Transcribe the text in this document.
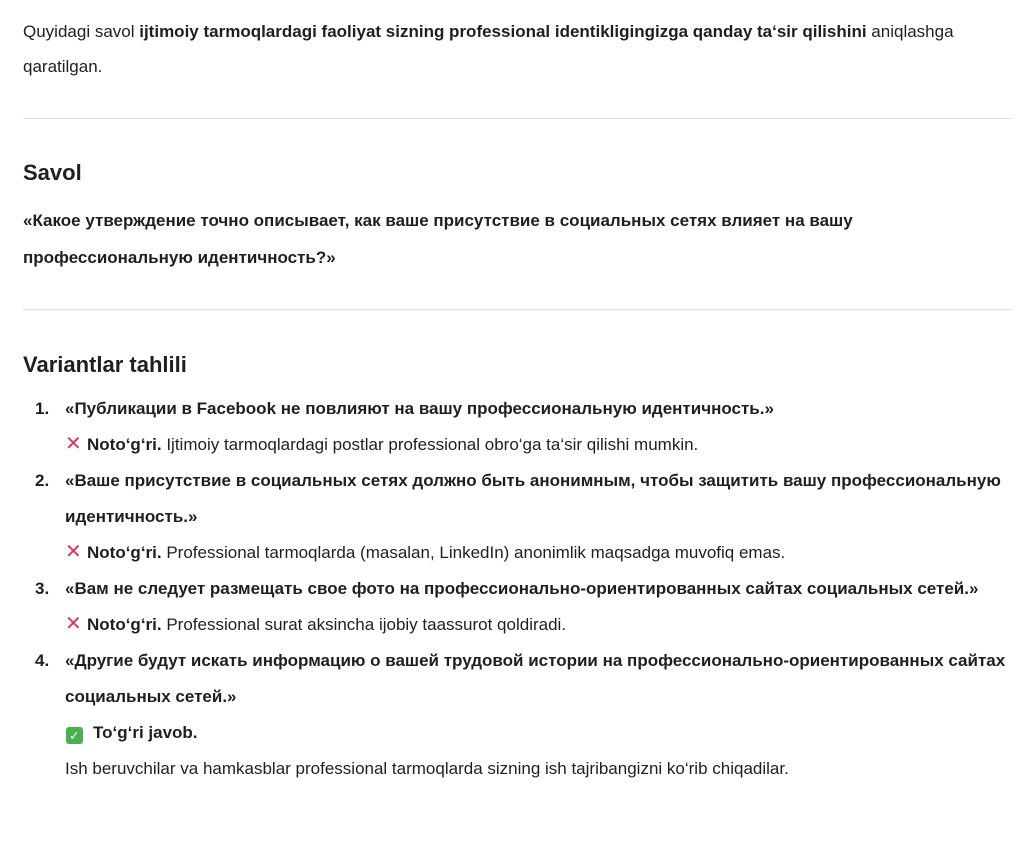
Quyidagi savol ijtimoiy tarmoqlardagi faoliyat sizning professional identikligingizga qanday ta‘sir qilishini aniqlashga qaratilgan.

Savol

«Какое утверждение точно описывает, как ваше присутствие в социальных сетях влияет на вашу профессиональную идентичность?»

Variantlar tahlili
1. «Публикации в Facebook не повлияют на вашу профессиональную идентичность.»
✕ Noto‘g‘ri. Ijtimoiy tarmoqlardagi postlar professional obro‘ga ta‘sir qilishi mumkin.
2. «Ваше присутствие в социальных сетях должно быть анонимным, чтобы защитить вашу профессиональную идентичность.»
✕ Noto‘g‘ri. Professional tarmoqlarda (masalan, LinkedIn) anonimlik maqsadga muvofiq emas.
3. «Вам не следует размещать свое фото на профессионально-ориентированных сайтах социальных сетей.»
✕ Noto‘g‘ri. Professional surat aksincha ijobiy taassurot qoldiradi.
4. «Другие будут искать информацию о вашей трудовой истории на профессионально-ориентированных сайтах социальных сетей.»
✓ To‘g‘ri javob.
Ish beruvchilar va hamkasblar professional tarmoqlarda sizning ish tajribangizni ko‘rib chiqadilar.
